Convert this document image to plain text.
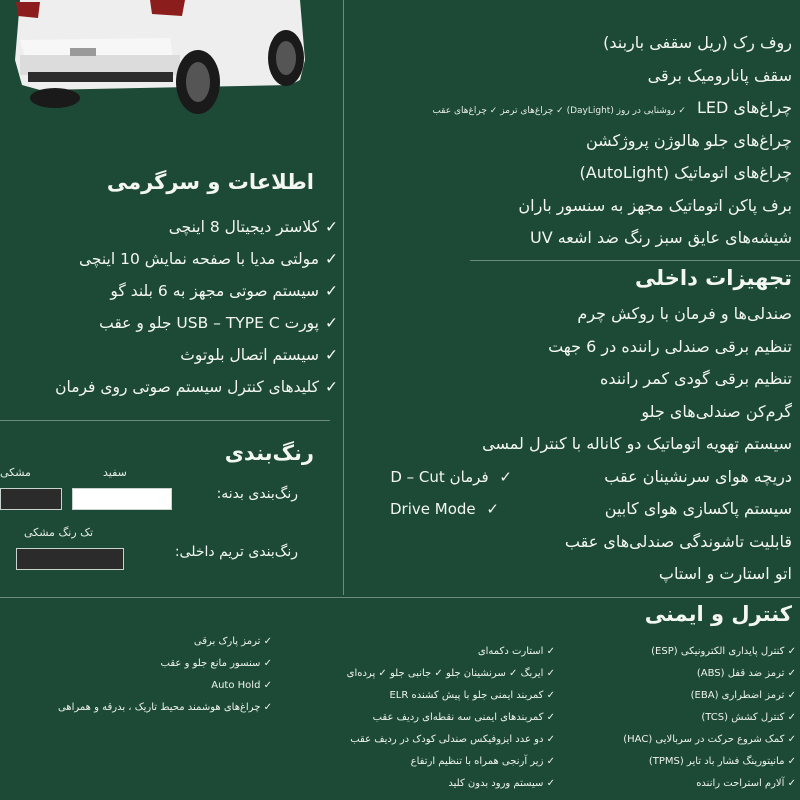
روف رک (ریل سقفی باربند)
سقف پانارومیک برقی
چراغ‌های LED ✓ روشنایی در روز (DayLight) ✓ چراغ‌های ترمز ✓ چراغ‌های عقب
چراغ‌های جلو هالوژن پروژکشن
چراغ‌های اتوماتیک (AutoLight)
برف پاکن اتوماتیک مجهز به سنسور باران
شیشه‌های عایق سبز رنگ ضد اشعه UV
تجهیزات داخلی
صندلی‌ها و فرمان با روکش چرم
تنظیم برقی صندلی راننده در 6 جهت
تنظیم برقی گودی کمر راننده
گرم‌کن صندلی‌های جلو
سیستم تهویه اتوماتیک دو کاناله با کنترل لمسی
دریچه هوای سرنشینان عقب
سیستم پاکسازی هوای کابین
قابلیت تاشوندگی صندلی‌های عقب
اتو استارت و استاپ
✓ فرمان D – Cut
Drive Mode ✓
اطلاعات و سرگرمی
✓کلاستر دیجیتال 8 اینچی
✓مولتی مدیا با صفحه نمایش 10 اینچی
✓سیستم صوتی مجهز به 6 بلند گو
✓پورت USB – TYPE C جلو و عقب
✓سیستم اتصال بلوتوث
✓کلیدهای کنترل سیستم صوتی روی فرمان
رنگ‌بندی
سفید
مشکی
رنگ‌بندی بدنه:
تک رنگ مشکی
رنگ‌بندی تریم داخلی:
کنترل و ایمنی
✓ کنترل پایداری الکترونیکی (ESP)
✓ ترمز ضد قفل (ABS)
✓ ترمز اضطراری (EBA)
✓ کنترل کشش (TCS)
✓ کمک شروع حرکت در سربالایی (HAC)
✓ مانیتورینگ فشار باد تایر (TPMS)
✓ آلارم استراحت راننده
✓ استارت دکمه‌ای
✓ ایربگ ✓ سرنشینان جلو ✓ جانبی جلو ✓ پرده‌ای
✓ کمربند ایمنی جلو با پیش کشنده ELR
✓ کمربندهای ایمنی سه نقطه‌ای ردیف عقب
✓ دو عدد ایزوفیکس صندلی کودک در ردیف عقب
✓ زیر آرنجی همراه با تنظیم ارتفاع
✓ سیستم ورود بدون کلید
✓ ترمز پارک برقی
✓ سنسور مانع جلو و عقب
✓ Auto Hold
✓ چراغ‌های هوشمند محیط تاریک ، بدرقه و همراهی
